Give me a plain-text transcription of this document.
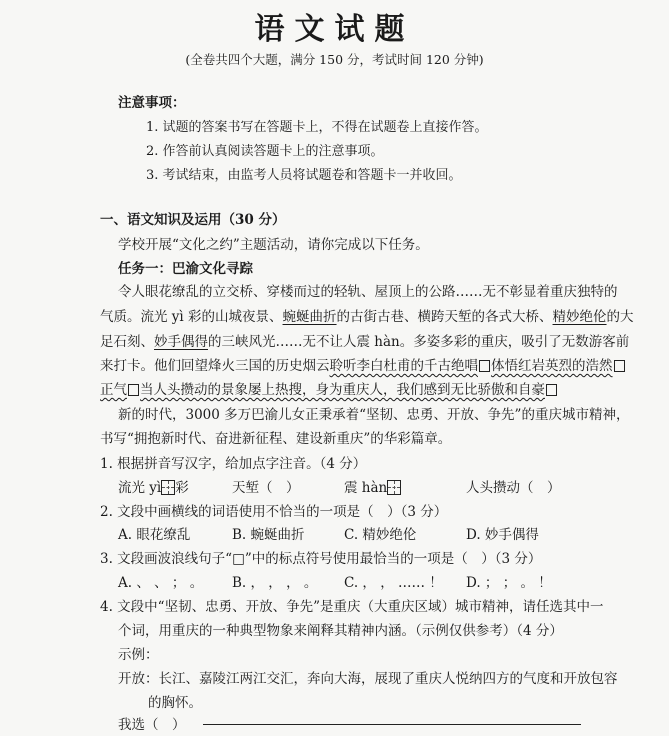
语文试题
(全卷共四个大题，满分 150 分，考试时间 120 分钟)
注意事项：
1. 试题的答案书写在答题卡上，不得在试题卷上直接作答。
2. 作答前认真阅读答题卡上的注意事项。
3. 考试结束，由监考人员将试题卷和答题卡一并收回。
一、语文知识及运用（30 分）
学校开展“文化之约”主题活动，请你完成以下任务。
任务一：巴渝文化寻踪
令人眼花缭乱的立交桥、穿楼而过的轻轨、屋顶上的公路……无不彰显着重庆独特的
气质。流光 yì 彩的山城夜景、蜿蜒曲折的古街古巷、横跨天堑的各式大桥、精妙绝伦的大
足石刻、妙手偶得的三峡风光……无不让人震 hàn。多姿多彩的重庆，吸引了无数游客前
来打卡。他们回望烽火三国的历史烟云聆听李白杜甫的千古绝唱 体悟红岩英烈的浩然
正气 当人头攒动的景象屡上热搜，身为重庆人，我们感到无比骄傲和自豪
新的时代，3000 多万巴渝儿女正秉承着“坚韧、忠勇、开放、争先”的重庆城市精神，
书写“拥抱新时代、奋进新征程、建设新重庆”的华彩篇章。
1. 根据拼音写汉字，给加点字注音。（4 分）
流光 yì 彩	天堑（　）	震 hàn	人头攒动（　）
2. 文段中画横线的词语使用不恰当的一项是（　）（3 分）
A. 眼花缭乱	B. 蜿蜒曲折	C. 精妙绝伦	D. 妙手偶得
3. 文段画波浪线句子“□”中的标点符号使用最恰当的一项是（　）（3 分）
A. 、 、 ； 。 B. ， ， ， 。 C. ， ， …… ！ D. ； ； 。 ！
4. 文段中“坚韧、忠勇、开放、争先”是重庆（大重庆区域）城市精神，请任选其中一
个词，用重庆的一种典型物象来阐释其精神内涵。（示例仅供参考）（4 分）
示例：
开放：长江、嘉陵江两江交汇，奔向大海，展现了重庆人悦纳四方的气度和开放包容
的胸怀。
我选（　）
